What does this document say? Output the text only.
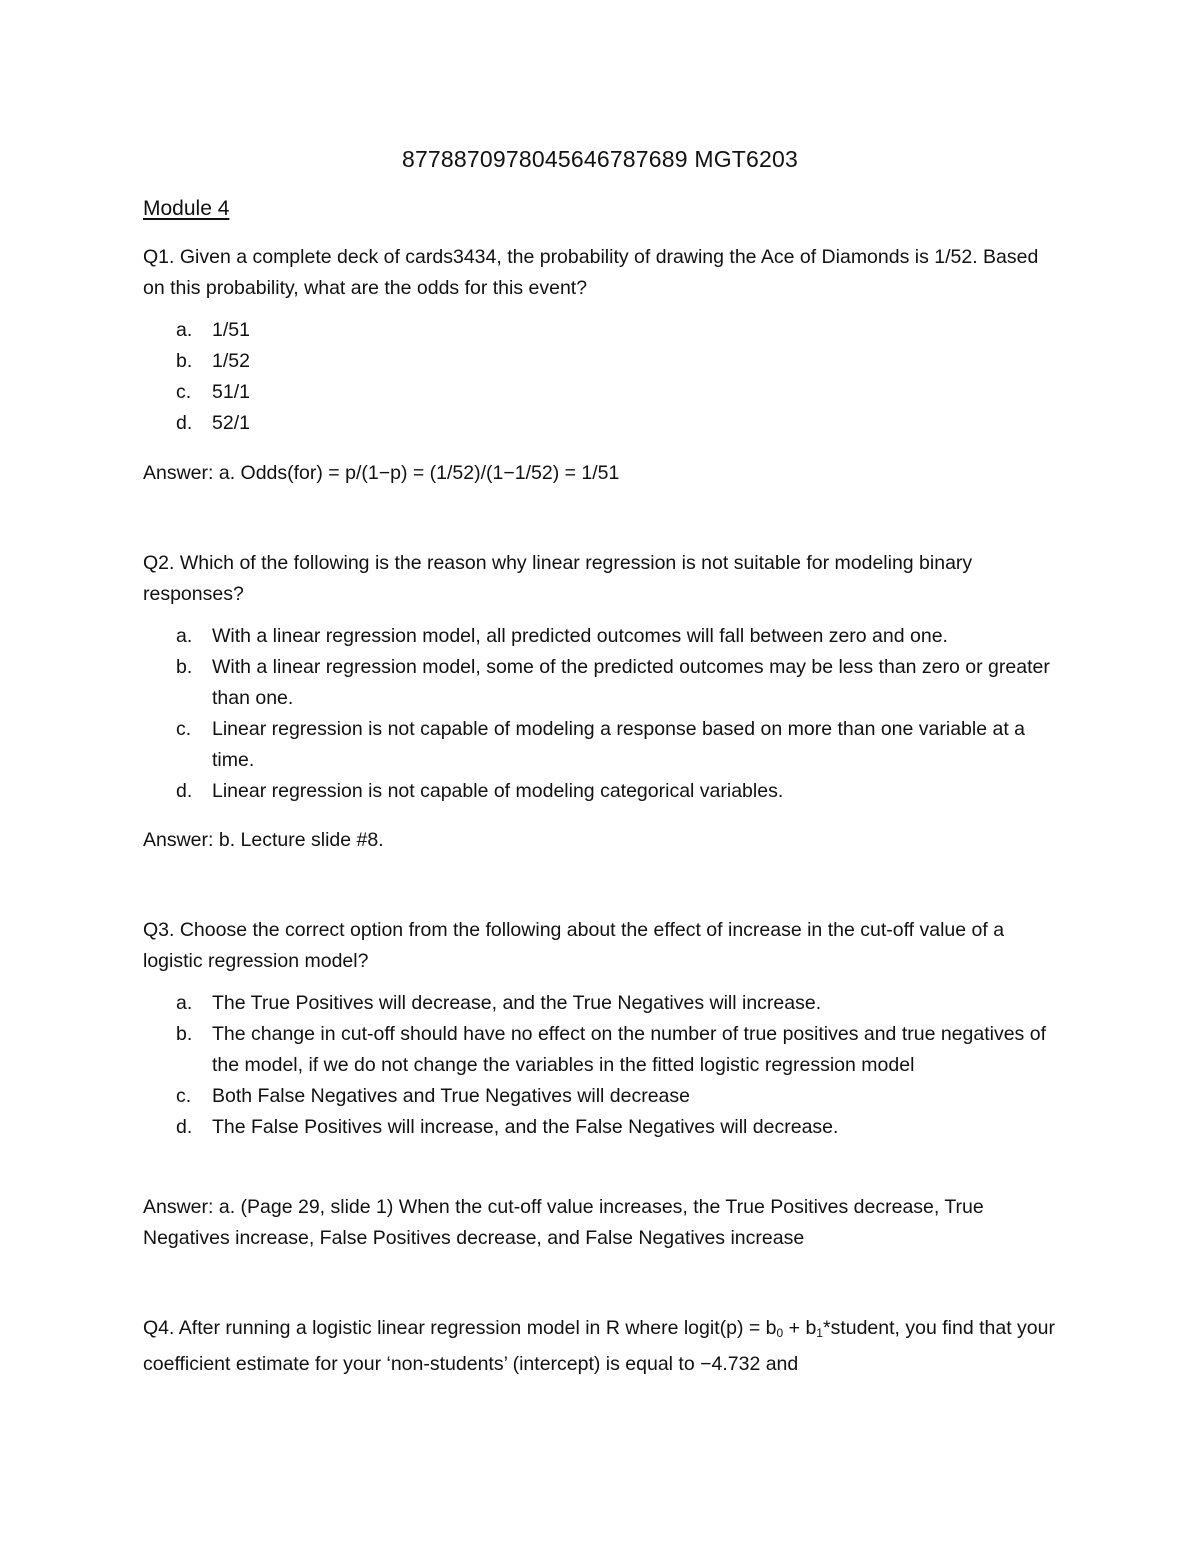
8778870978045646787689 MGT6203
Module 4

Q1. Given a complete deck of cards3434, the probability of drawing the Ace of Diamonds is 1/52. Based on this probability, what are the odds for this event?

a. 1/51
b. 1/52
c. 51/1
d. 52/1
Answer: a. Odds(for) = p/(1−p) = (1/52)/(1−1/52) = 1/51

Q2. Which of the following is the reason why linear regression is not suitable for modeling binary responses?

a. With a linear regression model, all predicted outcomes will fall between zero and one.
b. With a linear regression model, some of the predicted outcomes may be less than zero or greater than one.
c. Linear regression is not capable of modeling a response based on more than one variable at a time.
d. Linear regression is not capable of modeling categorical variables.
Answer: b. Lecture slide #8.

Q3. Choose the correct option from the following about the effect of increase in the cut-off value of a logistic regression model?

a. The True Positives will decrease, and the True Negatives will increase.
b. The change in cut-off should have no effect on the number of true positives and true negatives of the model, if we do not change the variables in the fitted logistic regression model
c. Both False Negatives and True Negatives will decrease
d. The False Positives will increase, and the False Negatives will decrease.
Answer: a. (Page 29, slide 1) When the cut-off value increases, the True Positives decrease, True Negatives increase, False Positives decrease, and False Negatives increase

Q4. After running a logistic linear regression model in R where logit(p) = $b_0$ + $b_1*student$, you find that your coefficient estimate for your ‘non-students’ (intercept) is equal to −4.732 and
